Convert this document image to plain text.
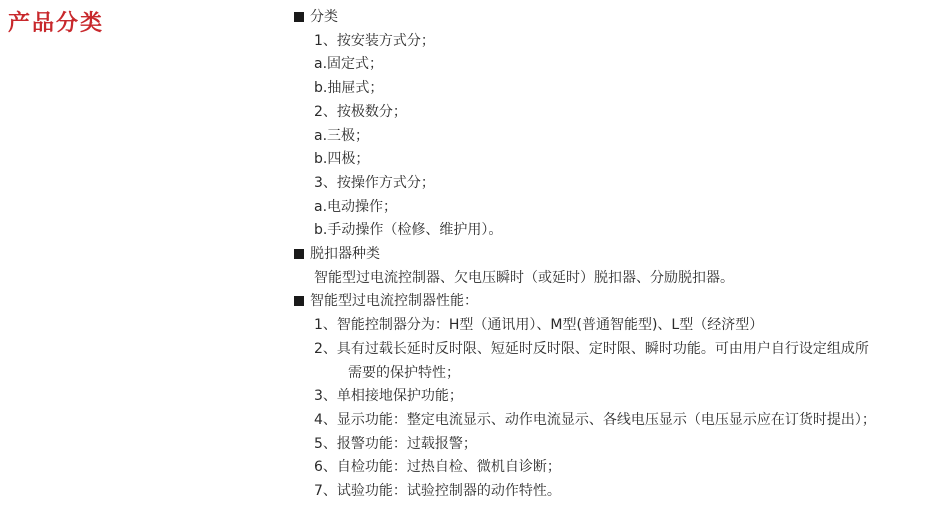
产品分类	分类
1、按安装方式分；
a.固定式；
b.抽屉式；
2、按极数分；
a.三极；
b.四极；
3、按操作方式分；
a.电动操作；
b.手动操作（检修、维护用）。
脱扣器种类
智能型过电流控制器、欠电压瞬时（或延时）脱扣器、分励脱扣器。
智能型过电流控制器性能：
1、智能控制器分为：H型（通讯用）、M型(普通智能型)、L型（经济型）
2、具有过载长延时反时限、短延时反时限、定时限、瞬时功能。可由用户自行设定组成所
需要的保护特性；
3、单相接地保护功能；
4、显示功能：整定电流显示、动作电流显示、各线电压显示（电压显示应在订货时提出）；
5、报警功能：过载报警；
6、自检功能：过热自检、微机自诊断；
7、试验功能：试验控制器的动作特性。
